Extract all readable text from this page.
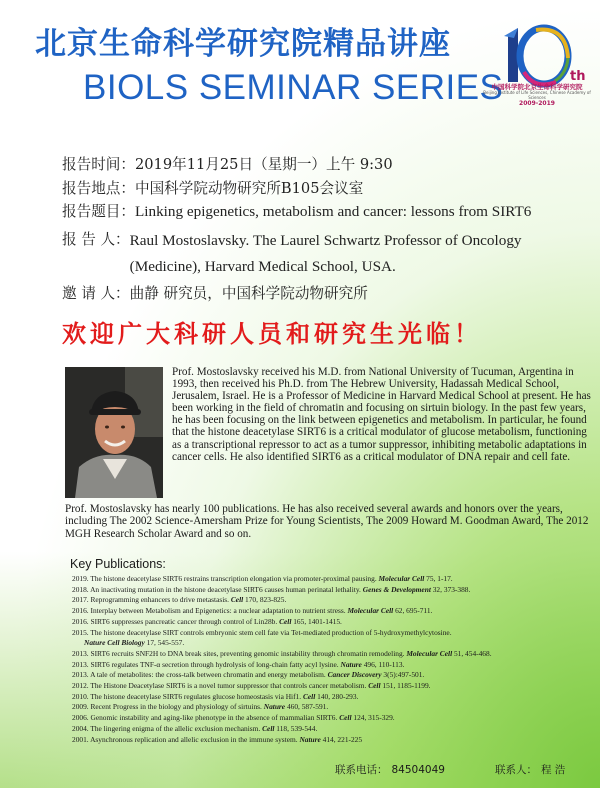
北京生命科学研究院精品讲座
BIOLS SEMINAR SERIES	th
中国科学院北京生命科学研究院
Beijing Institute of Life Sciences, Chinese Academy of Sciences
2009-2019
报告时间： 2019年11月25日（星期一）上午 9:30
报告地点： 中国科学院动物研究所B105会议室
报告题目： Linking epigenetics, metabolism and cancer: lessons from SIRT6
报 告 人： Raul Mostoslavsky. The Laurel Schwartz Professor of Oncology (Medicine), Harvard Medical School, USA.
邀 请 人： 曲静 研究员，中国科学院动物研究所
欢迎广大科研人员和研究生光临！
Prof. Mostoslavsky received his M.D. from National University of Tucuman, Argentina in 1993, then received his Ph.D. from The Hebrew University, Hadassah Medical School, Jerusalem, Israel. He is a Professor of Medicine in Harvard Medical School at present. He has been working in the field of chromatin and focusing on sirtuin biology. In the past few years, he has been focusing on the link between epigenetics and metabolism. In particular, he found that the histone deacetylase SIRT6 is a critical modulator of glucose metabolism, functioning as a transcriptional repressor to act as a tumor suppressor, inhibiting metabolic adaptations in cancer cells. He also identified SIRT6 as a critical modulator of DNA repair and cell fate.
Prof. Mostoslavsky has nearly 100 publications. He has also received several awards and honors over the years, including The 2002 Science-Amersham Prize for Young Scientists, The 2009 Howard M. Goodman Award, The 2012 MGH Research Scholar Award and so on.
Key Publications:
2019. The histone deacetylase SIRT6 restrains transcription elongation via promoter-proximal pausing. Molecular Cell 75, 1-17.
2018. An inactivating mutation in the histone deacetylase SIRT6 causes human perinatal lethality. Genes & Development 32, 373-388.
2017. Reprogramming enhancers to drive metastasis. Cell 170, 823-825.
2016. Interplay between Metabolism and Epigenetics: a nuclear adaptation to nutrient stress. Molecular Cell 62, 695-711.
2016. SIRT6 suppresses pancreatic cancer through control of Lin28b. Cell 165, 1401-1415.
2015. The histone deacetylase SIRT controls embryonic stem cell fate via Tet-mediated production of 5-hydroxymethylcytosine.
Nature Cell Biology 17, 545-557.
2013. SIRT6 recruits SNF2H to DNA break sites, preventing genomic instability through chromatin remodeling. Molecular Cell 51, 454-468.
2013. SIRT6 regulates TNF-α secretion through hydrolysis of long-chain fatty acyl lysine. Nature 496, 110-113.
2013. A tale of metabolites: the cross-talk between chromatin and energy metabolism. Cancer Discovery 3(5):497-501.
2012. The Histone Deacetylase SIRT6 is a novel tumor suppressor that controls cancer metabolism. Cell 151, 1185-1199.
2010. The histone deacetylase SIRT6 regulates glucose homeostasis via Hif1. Cell 140, 280-293.
2009. Recent Progress in the biology and physiology of sirtuins. Nature 460, 587-591.
2006. Genomic instability and aging-like phenotype in the absence of mammalian SIRT6. Cell 124, 315-329.
2004. The lingering enigma of the allelic exclusion mechanism. Cell 118, 539-544.
2001. Asynchronous replication and allelic exclusion in the immune system. Nature 414, 221-225
联系电话： 84504049	联系人： 程 浩
